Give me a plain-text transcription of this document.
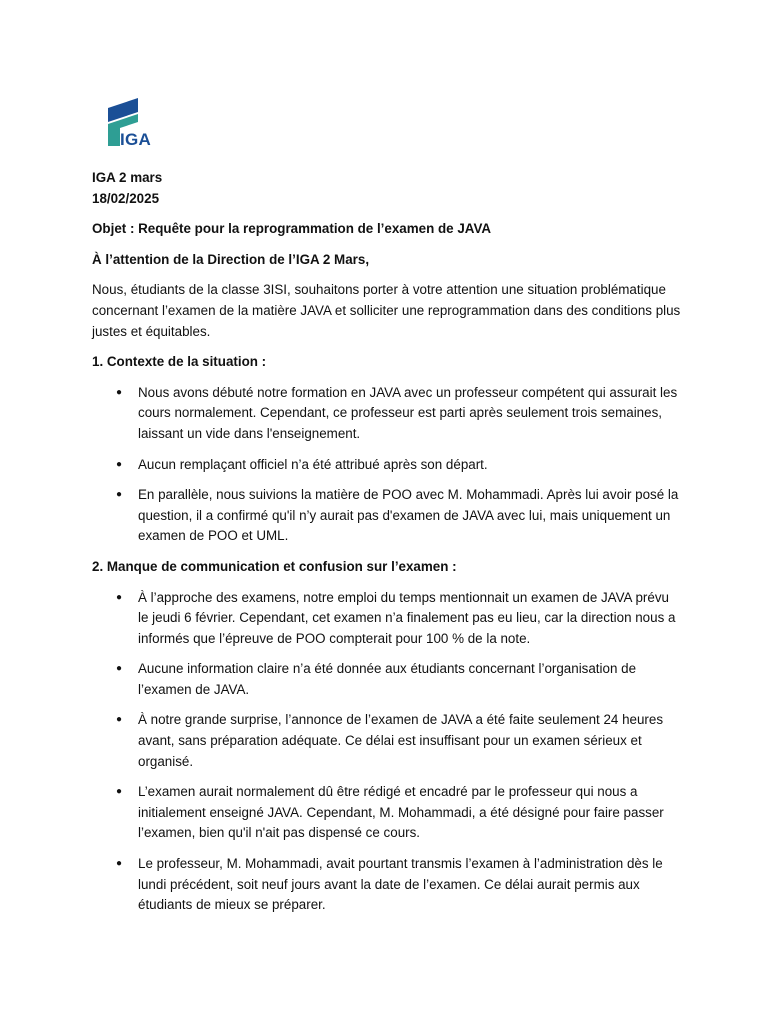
IGA

IGA 2 mars

18/02/2025

Objet : Requête pour la reprogrammation de l’examen de JAVA

À l’attention de la Direction de l’IGA 2 Mars,

Nous, étudiants de la classe 3ISI, souhaitons porter à votre attention une situation problématique concernant l’examen de la matière JAVA et solliciter une reprogrammation dans des conditions plus justes et équitables.

1. Contexte de la situation :

● Nous avons débuté notre formation en JAVA avec un professeur compétent qui assurait les cours normalement. Cependant, ce professeur est parti après seulement trois semaines, laissant un vide dans l'enseignement.
● Aucun remplaçant officiel n’a été attribué après son départ.
● En parallèle, nous suivions la matière de POO avec M. Mohammadi. Après lui avoir posé la question, il a confirmé qu'il n’y aurait pas d'examen de JAVA avec lui, mais uniquement un examen de POO et UML.

2. Manque de communication et confusion sur l’examen :

● À l’approche des examens, notre emploi du temps mentionnait un examen de JAVA prévu le jeudi 6 février. Cependant, cet examen n’a finalement pas eu lieu, car la direction nous a informés que l’épreuve de POO compterait pour 100 % de la note.
● Aucune information claire n’a été donnée aux étudiants concernant l’organisation de l’examen de JAVA.
● À notre grande surprise, l’annonce de l’examen de JAVA a été faite seulement 24 heures avant, sans préparation adéquate. Ce délai est insuffisant pour un examen sérieux et organisé.
● L’examen aurait normalement dû être rédigé et encadré par le professeur qui nous a initialement enseigné JAVA. Cependant, M. Mohammadi, a été désigné pour faire passer l’examen, bien qu'il n'ait pas dispensé ce cours.
● Le professeur, M. Mohammadi, avait pourtant transmis l’examen à l’administration dès le lundi précédent, soit neuf jours avant la date de l’examen. Ce délai aurait permis aux étudiants de mieux se préparer.
